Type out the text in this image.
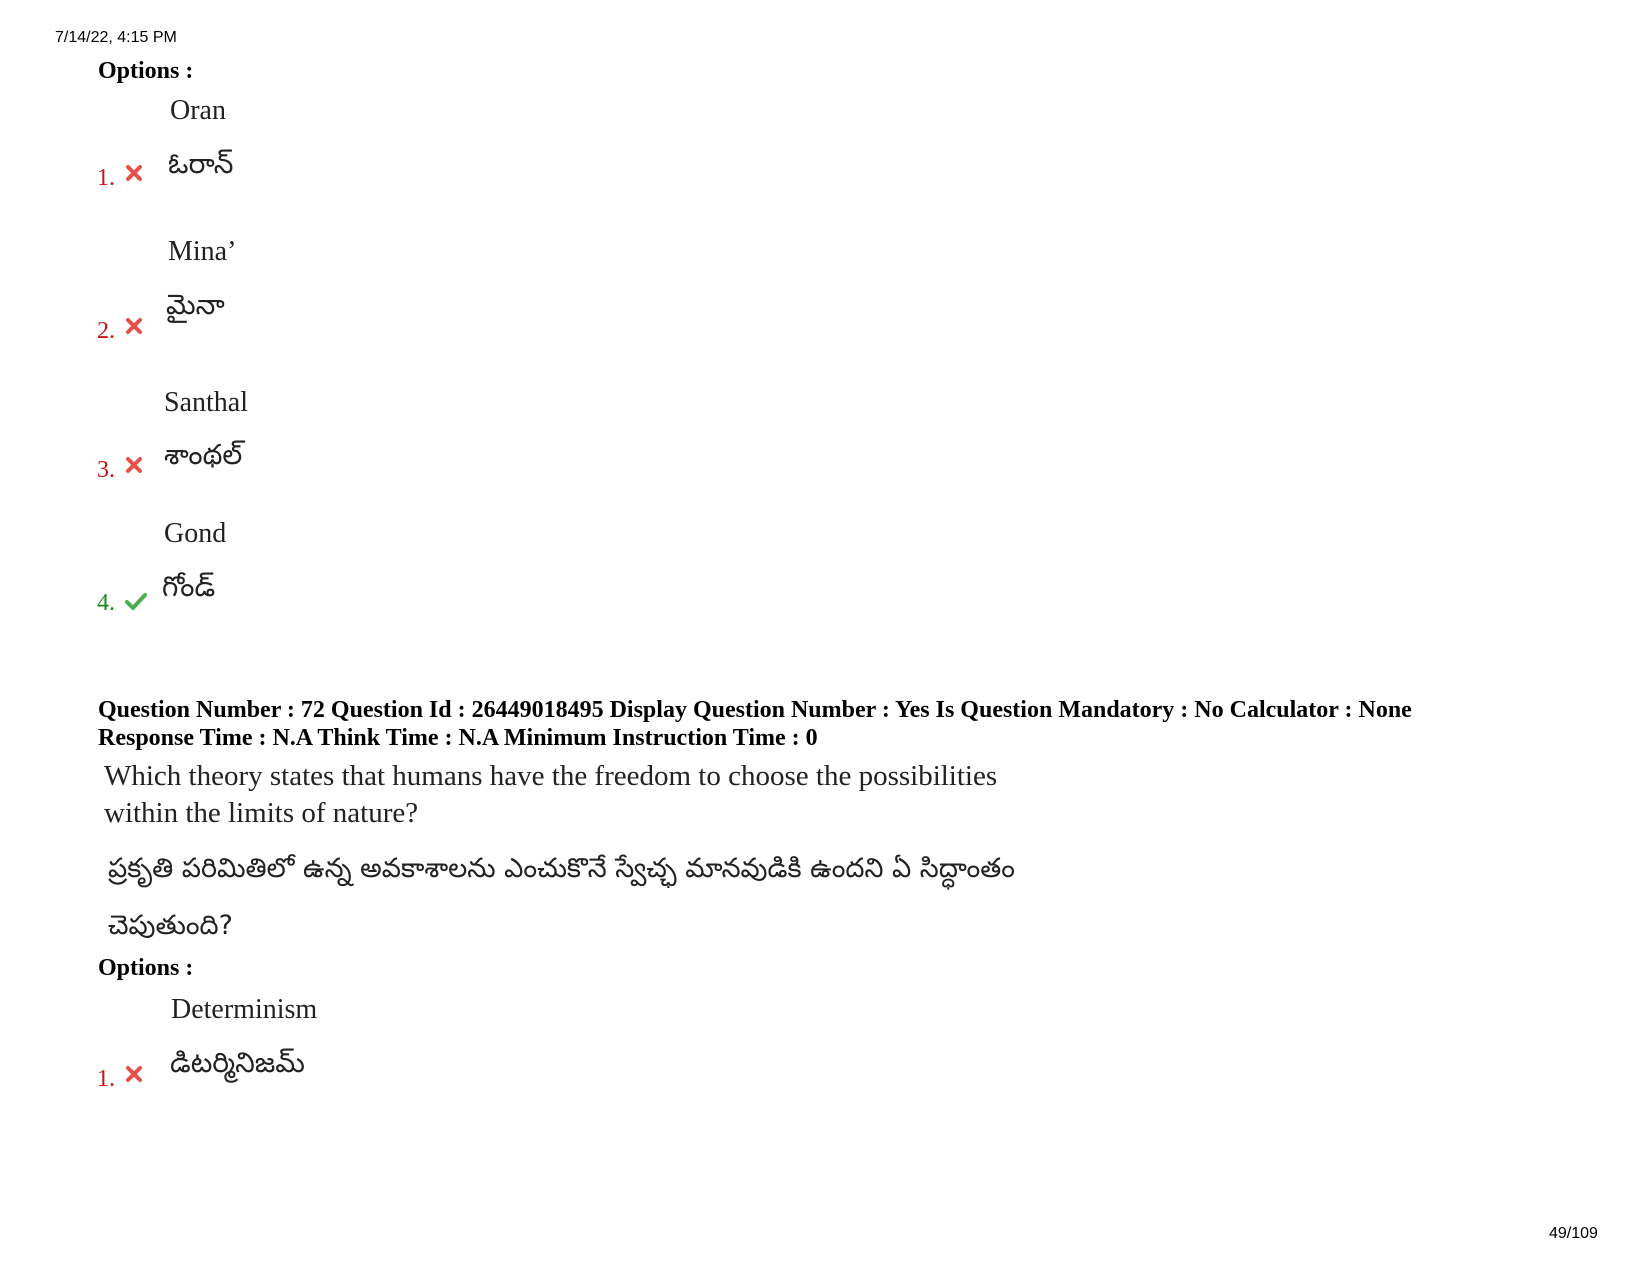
7/14/22, 4:15 PM
Options :
Oran
ఓరాన్
1.
Mina’
మైనా
2.
Santhal
శాంథల్
3.
Gond
గోండ్
4.
Question Number : 72 Question Id : 26449018495 Display Question Number : Yes Is Question Mandatory : No Calculator : None
Response Time : N.A Think Time : N.A Minimum Instruction Time : 0
Which theory states that humans have the freedom to choose the possibilities
within the limits of nature?
ప్రకృతి పరిమితిలో ఉన్న అవకాశాలను ఎంచుకొనే స్వేచ్ఛ మానవుడికి ఉందని ఏ సిద్ధాంతం
చెపుతుంది?
Options :
Determinism
డిటర్మినిజమ్
1.
49/109
